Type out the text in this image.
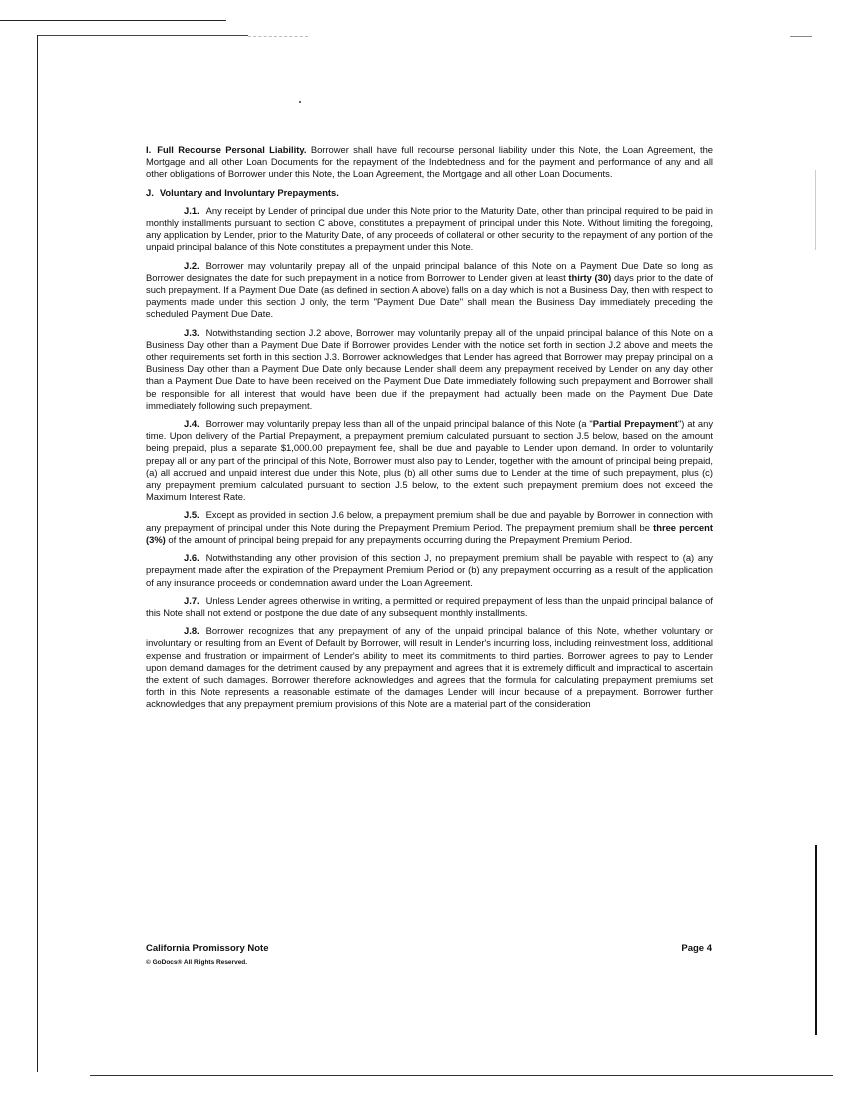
I. Full Recourse Personal Liability. Borrower shall have full recourse personal liability under this Note, the Loan Agreement, the Mortgage and all other Loan Documents for the repayment of the Indebtedness and for the payment and performance of any and all other obligations of Borrower under this Note, the Loan Agreement, the Mortgage and all other Loan Documents.

J. Voluntary and Involuntary Prepayments.

J.1. Any receipt by Lender of principal due under this Note prior to the Maturity Date, other than principal required to be paid in monthly installments pursuant to section C above, constitutes a prepayment of principal under this Note. Without limiting the foregoing, any application by Lender, prior to the Maturity Date, of any proceeds of collateral or other security to the repayment of any portion of the unpaid principal balance of this Note constitutes a prepayment under this Note.

J.2. Borrower may voluntarily prepay all of the unpaid principal balance of this Note on a Payment Due Date so long as Borrower designates the date for such prepayment in a notice from Borrower to Lender given at least thirty (30) days prior to the date of such prepayment. If a Payment Due Date (as defined in section A above) falls on a day which is not a Business Day, then with respect to payments made under this section J only, the term "Payment Due Date" shall mean the Business Day immediately preceding the scheduled Payment Due Date.

J.3. Notwithstanding section J.2 above, Borrower may voluntarily prepay all of the unpaid principal balance of this Note on a Business Day other than a Payment Due Date if Borrower provides Lender with the notice set forth in section J.2 above and meets the other requirements set forth in this section J.3. Borrower acknowledges that Lender has agreed that Borrower may prepay principal on a Business Day other than a Payment Due Date only because Lender shall deem any prepayment received by Lender on any day other than a Payment Due Date to have been received on the Payment Due Date immediately following such prepayment and Borrower shall be responsible for all interest that would have been due if the prepayment had actually been made on the Payment Due Date immediately following such prepayment.

J.4. Borrower may voluntarily prepay less than all of the unpaid principal balance of this Note (a "Partial Prepayment") at any time. Upon delivery of the Partial Prepayment, a prepayment premium calculated pursuant to section J.5 below, based on the amount being prepaid, plus a separate $1,000.00 prepayment fee, shall be due and payable to Lender upon demand. In order to voluntarily prepay all or any part of the principal of this Note, Borrower must also pay to Lender, together with the amount of principal being prepaid, (a) all accrued and unpaid interest due under this Note, plus (b) all other sums due to Lender at the time of such prepayment, plus (c) any prepayment premium calculated pursuant to section J.5 below, to the extent such prepayment premium does not exceed the Maximum Interest Rate.

J.5. Except as provided in section J.6 below, a prepayment premium shall be due and payable by Borrower in connection with any prepayment of principal under this Note during the Prepayment Premium Period. The prepayment premium shall be three percent (3%) of the amount of principal being prepaid for any prepayments occurring during the Prepayment Premium Period.

J.6. Notwithstanding any other provision of this section J, no prepayment premium shall be payable with respect to (a) any prepayment made after the expiration of the Prepayment Premium Period or (b) any prepayment occurring as a result of the application of any insurance proceeds or condemnation award under the Loan Agreement.

J.7. Unless Lender agrees otherwise in writing, a permitted or required prepayment of less than the unpaid principal balance of this Note shall not extend or postpone the due date of any subsequent monthly installments.

J.8. Borrower recognizes that any prepayment of any of the unpaid principal balance of this Note, whether voluntary or involuntary or resulting from an Event of Default by Borrower, will result in Lender's incurring loss, including reinvestment loss, additional expense and frustration or impairment of Lender's ability to meet its commitments to third parties. Borrower agrees to pay to Lender upon demand damages for the detriment caused by any prepayment and agrees that it is extremely difficult and impractical to ascertain the extent of such damages. Borrower therefore acknowledges and agrees that the formula for calculating prepayment premiums set forth in this Note represents a reasonable estimate of the damages Lender will incur because of a prepayment. Borrower further acknowledges that any prepayment premium provisions of this Note are a material part of the consideration

California Promissory Note
© GoDocs® All Rights Reserved.
Page 4
